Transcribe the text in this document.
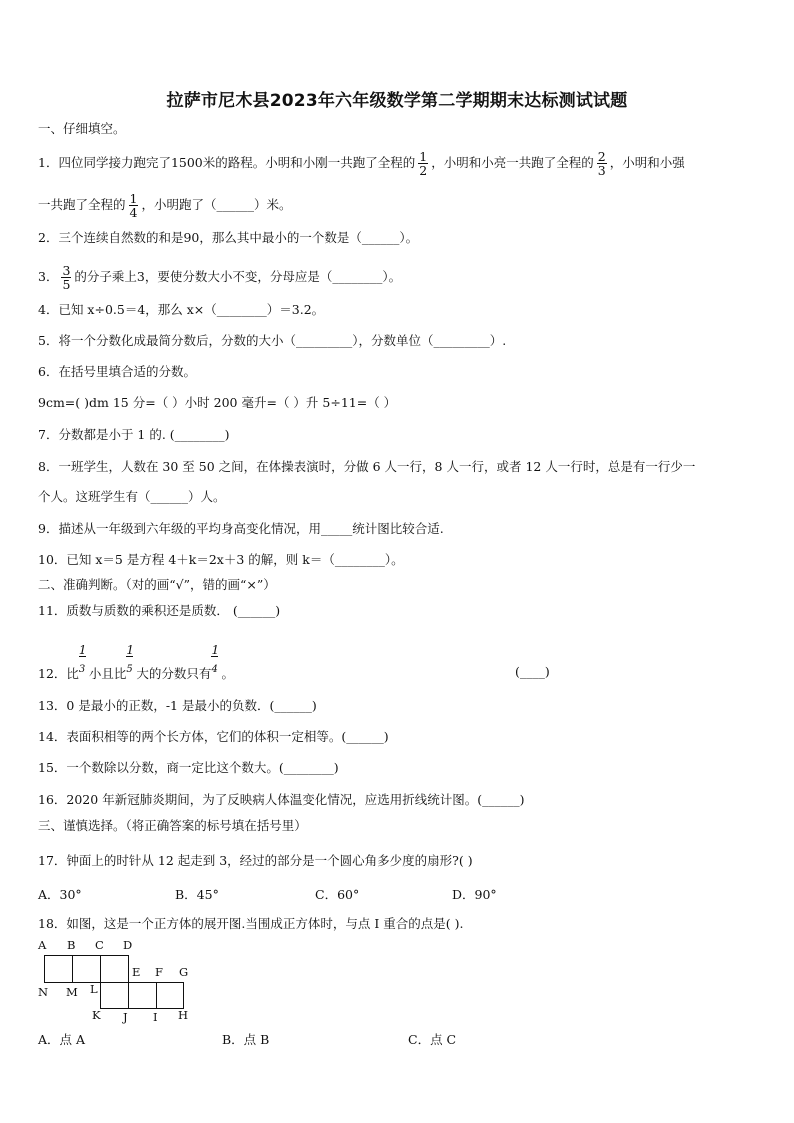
拉萨市尼木县2023年六年级数学第二学期期末达标测试试题
一、仔细填空。
1．四位同学接力跑完了1500米的路程。小明和小刚一共跑了全程的 $\frac{1}{2}$ ，小明和小亮一共跑了全程的 $\frac{2}{3}$ ，小明和小强
一共跑了全程的 $\frac{1}{4}$ ，小明跑了（______）米。
2．三个连续自然数的和是90，那么其中最小的一个数是（______）。
3． $\frac{3}{5}$ 的分子乘上3，要使分数大小不变，分母应是（________）。
4．已知 x÷0.5＝4，那么 x×（________）＝3.2。
5．将一个分数化成最简分数后，分数的大小（_________），分数单位（_________）.
6．在括号里填合适的分数。
9cm=( )dm 15 分=（ ）小时 200 毫升=（ ）升 5÷11=（ ）
7．分数都是小于 1 的. (________)
8．一班学生，人数在 30 至 50 之间，在体操表演时，分做 6 人一行，8 人一行，或者 12 人一行时，总是有一行少一
个人。这班学生有（______）人。
9．描述从一年级到六年级的平均身高变化情况，用_____统计图比较合适.
10．已知 x＝5 是方程 4＋k＝2x＋3 的解，则 k＝（________）。
二、准确判断。（对的画“√”，错的画“×”）
11．质数与质数的乘积还是质数． (______)
12．比
1
3 小且比
1
5 大的分数只有
1
4 。	(____)
13．0 是最小的正数，-1 是最小的负数．(______)
14．表面积相等的两个长方体，它们的体积一定相等。(______)
15．一个数除以分数，商一定比这个数大。(________)
16．2020 年新冠肺炎期间，为了反映病人体温变化情况，应选用折线统计图。(______)
三、谨慎选择。（将正确答案的标号填在括号里）
17．钟面上的时针从 12 起走到 3，经过的部分是一个圆心角多少度的扇形?( )
A．30°	B．45°	C．60°	D．90°
18．如图，这是一个正方体的展开图.当围成正方体时，与点 I 重合的点是( ).
A B C D
E F G
N M L
K J I H
A．点 A	B．点 B	C．点 C
